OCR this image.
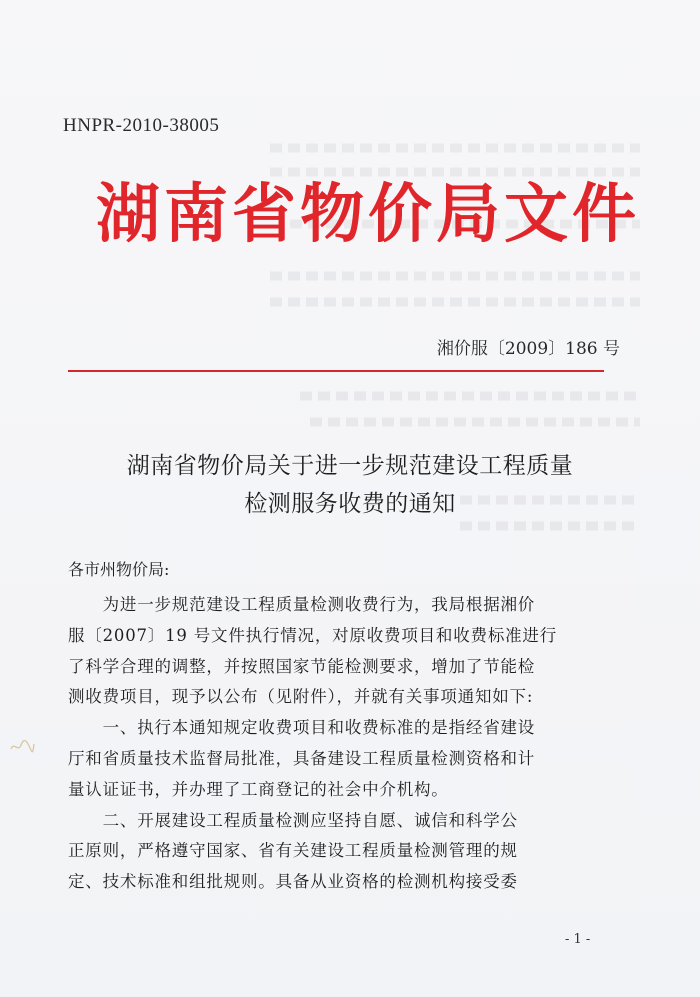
HNPR-2010-38005
湖南省物价局文件
湘价服〔2009〕186 号
湖南省物价局关于进一步规范建设工程质量
检测服务收费的通知
各市州物价局:
　　为进一步规范建设工程质量检测收费行为，我局根据湘价
服〔2007〕19 号文件执行情况，对原收费项目和收费标准进行
了科学合理的调整，并按照国家节能检测要求，增加了节能检
测收费项目，现予以公布（见附件），并就有关事项通知如下:
　　一、执行本通知规定收费项目和收费标准的是指经省建设
厅和省质量技术监督局批准，具备建设工程质量检测资格和计
量认证证书，并办理了工商登记的社会中介机构。
　　二、开展建设工程质量检测应坚持自愿、诚信和科学公
正原则，严格遵守国家、省有关建设工程质量检测管理的规
定、技术标准和组批规则。具备从业资格的检测机构接受委
- 1 -
